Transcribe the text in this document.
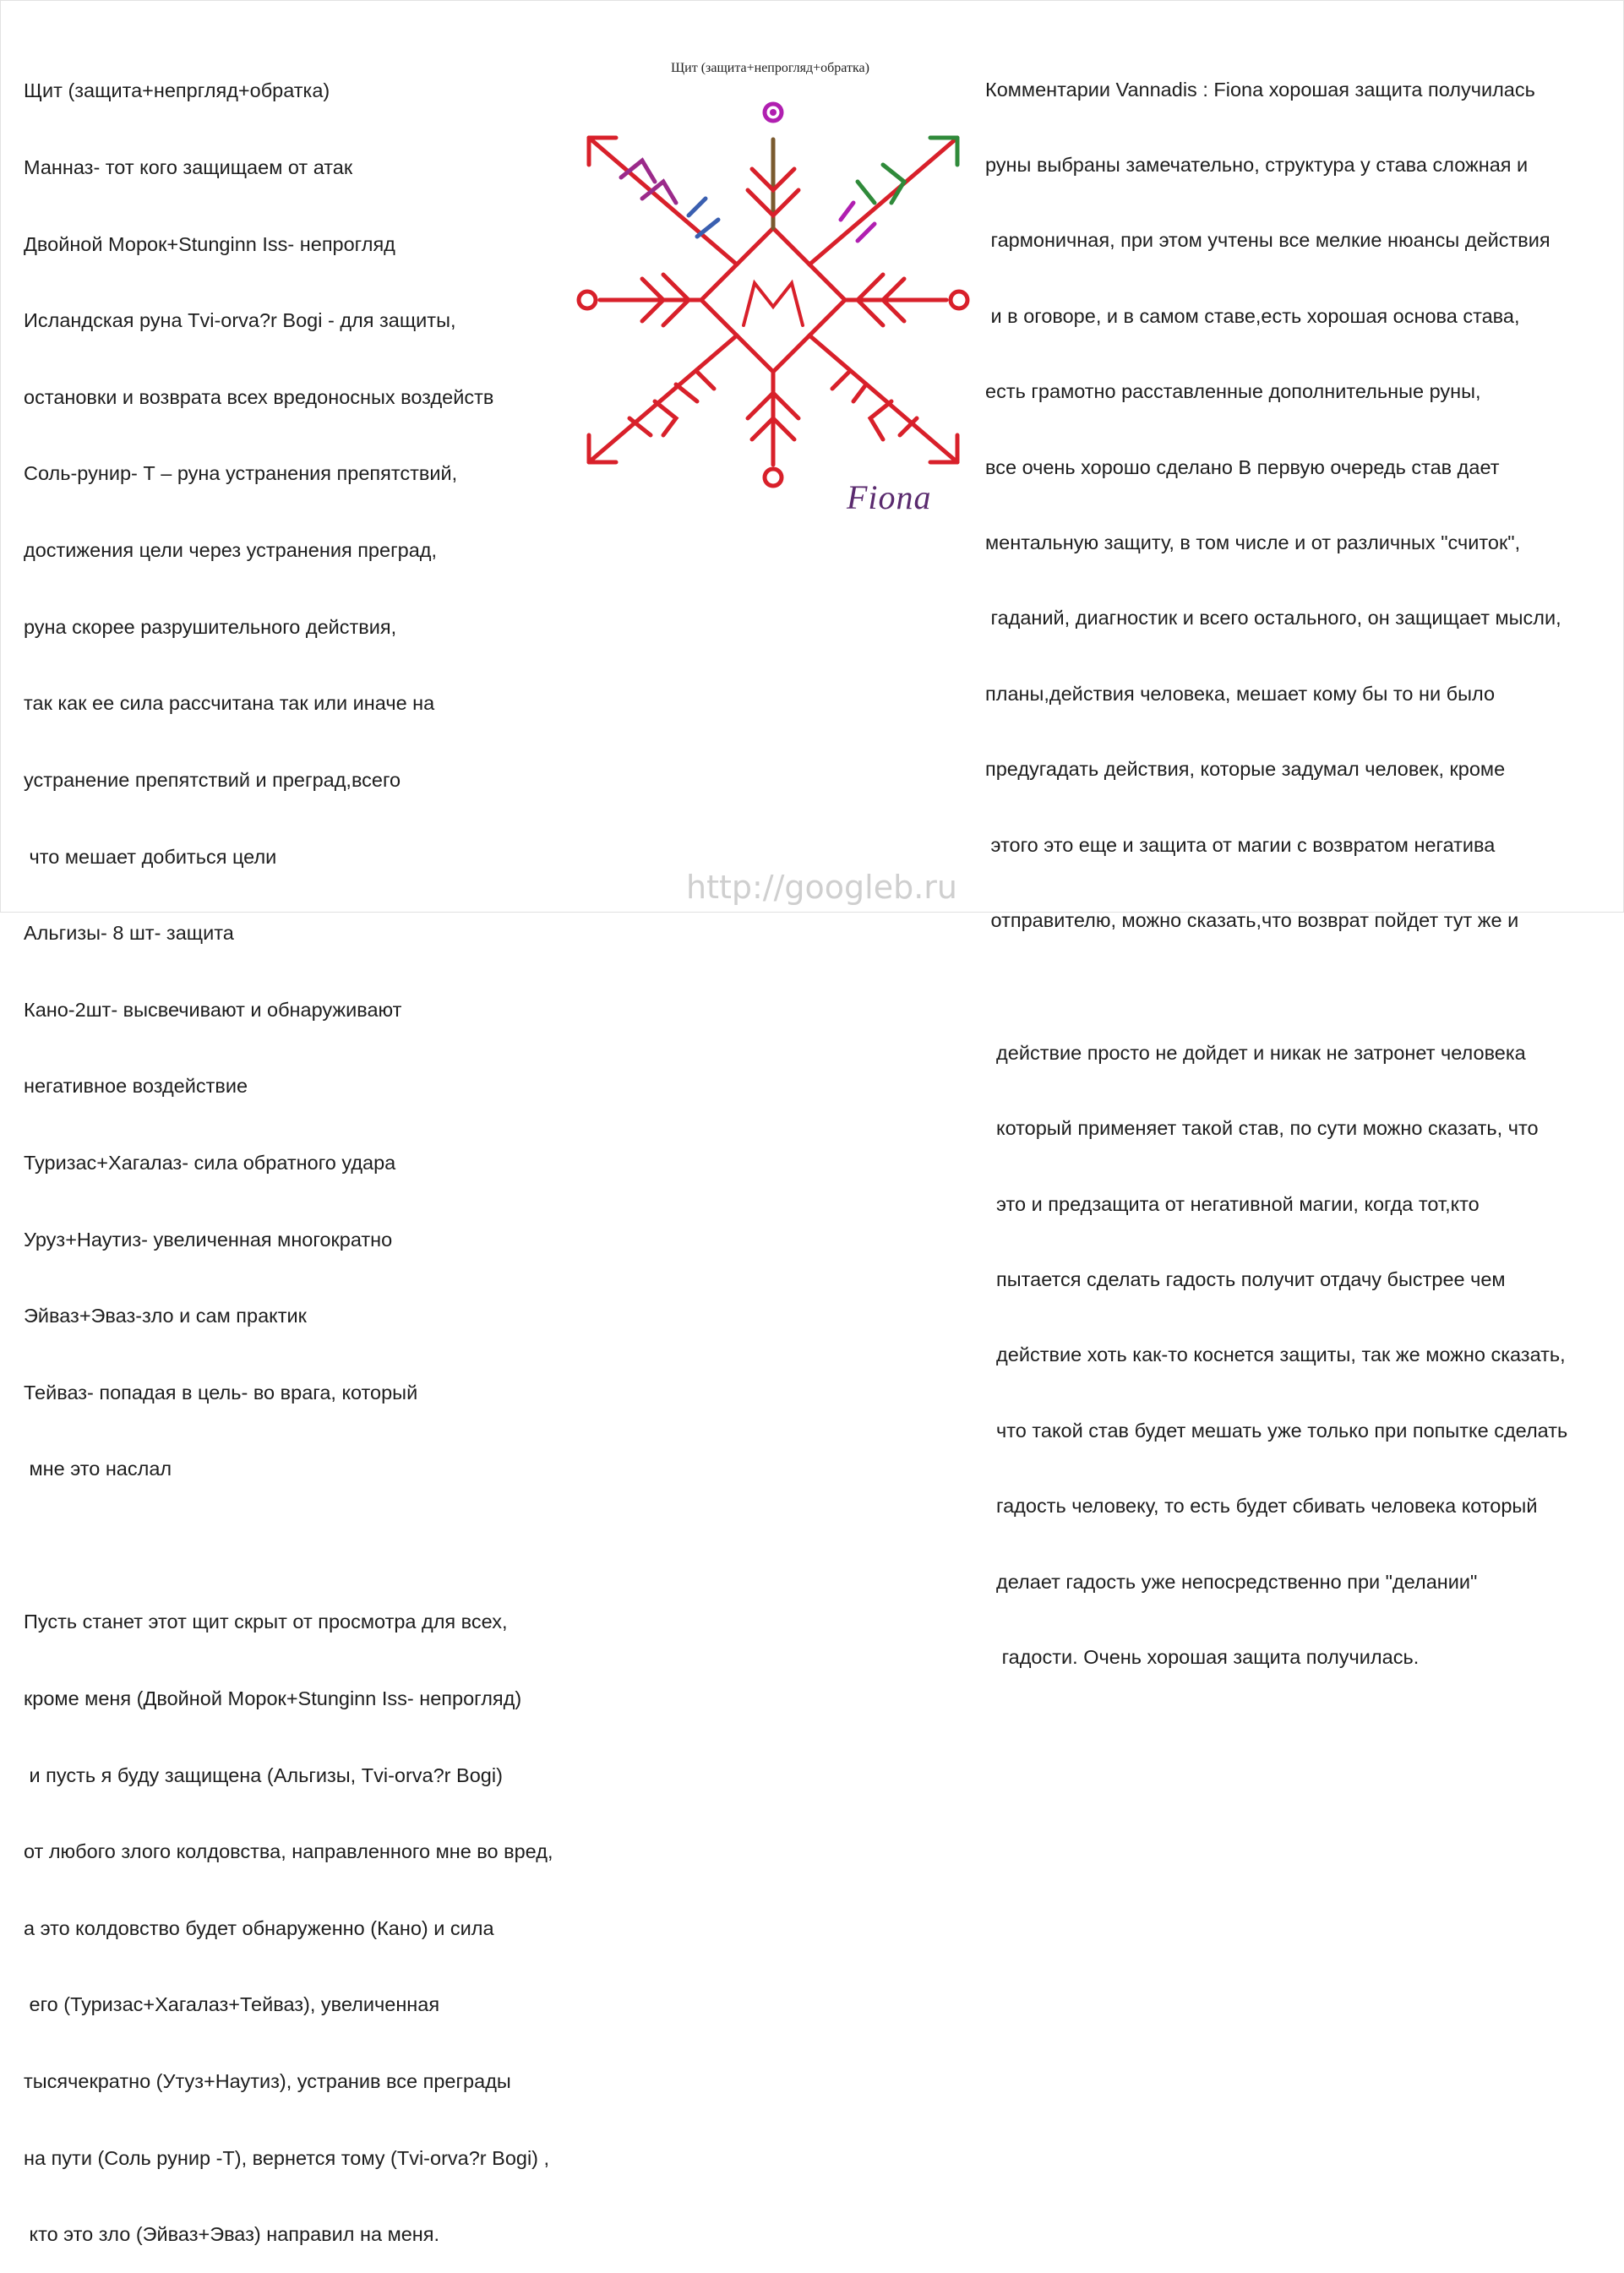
Щит (защита+непргляд+обратка)

Манназ- тот кого защищаем от атак

Двойной Морок+Stunginn Iss- непрогляд

Исландская руна Tvi-orva?r Bogi - для защиты,

остановки и возврата всех вредоносных воздейств

Соль-рунир- Т – руна устранения препятствий,

достижения цели через устранения преград,

руна скорее разрушительного действия,

так как ее сила рассчитана так или иначе на

устранение препятствий и преград,всего

что мешает добиться цели

Альгизы- 8 шт- защита

Кано-2шт- высвечивают и обнаруживают

негативное воздействие

Туризас+Хагалаз- сила обратного удара

Уруз+Наутиз- увеличенная многократно

Эйваз+Эваз-зло и сам практик

Тейваз- попадая в цель- во врага, который

мне это наслал

Пусть станет этот щит скрыт от просмотра для всех,

кроме меня (Двойной Морок+Stunginn Iss- непрогляд)

и пусть я буду защищена (Альгизы, Tvi-orva?r Bogi)

от любого злого колдовства, направленного мне во вред,

а это колдовство будет обнаруженно (Кано) и сила

его (Туризас+Хагалаз+Тейваз), увеличенная

тысячекратно (Утуз+Наутиз), устранив все преграды

на пути (Соль рунир -Т), вернется тому (Tvi-orva?r Bogi) ,

кто это зло (Эйваз+Эваз) направил на меня.

Щит (защита+непрогляд+обратка)
Fiona

Комментарии Vannadis : Fiona хорошая защита получилась

руны выбраны замечательно, структура у става сложная и

гармоничная, при этом учтены все мелкие нюансы действия

и в оговоре, и в самом ставе,есть хорошая основа става,

есть грамотно расставленные дополнительные руны,

все очень хорошо сделано В первую очередь став дает

ментальную защиту, в том числе и от различных "считок",

гаданий, диагностик и всего остального, он защищает мысли,

планы,действия человека, мешает кому бы то ни было

предугадать действия, которые задумал человек, кроме

этого это еще и защита от магии с возвратом негатива

отправителю, можно сказать,что возврат пойдет тут же и

действие просто не дойдет и никак не затронет человека

который применяет такой став, по сути можно сказать, что

это и предзащита от негативной магии, когда тот,кто

пытается сделать гадость получит отдачу быстрее чем

действие хоть как-то коснется защиты, так же можно сказать,

что такой став будет мешать уже только при попытке сделать

гадость человеку, то есть будет сбивать человека который

делает гадость уже непосредственно при "делании"

гадости. Очень хорошая защита получилась.

http://googleb.ru
